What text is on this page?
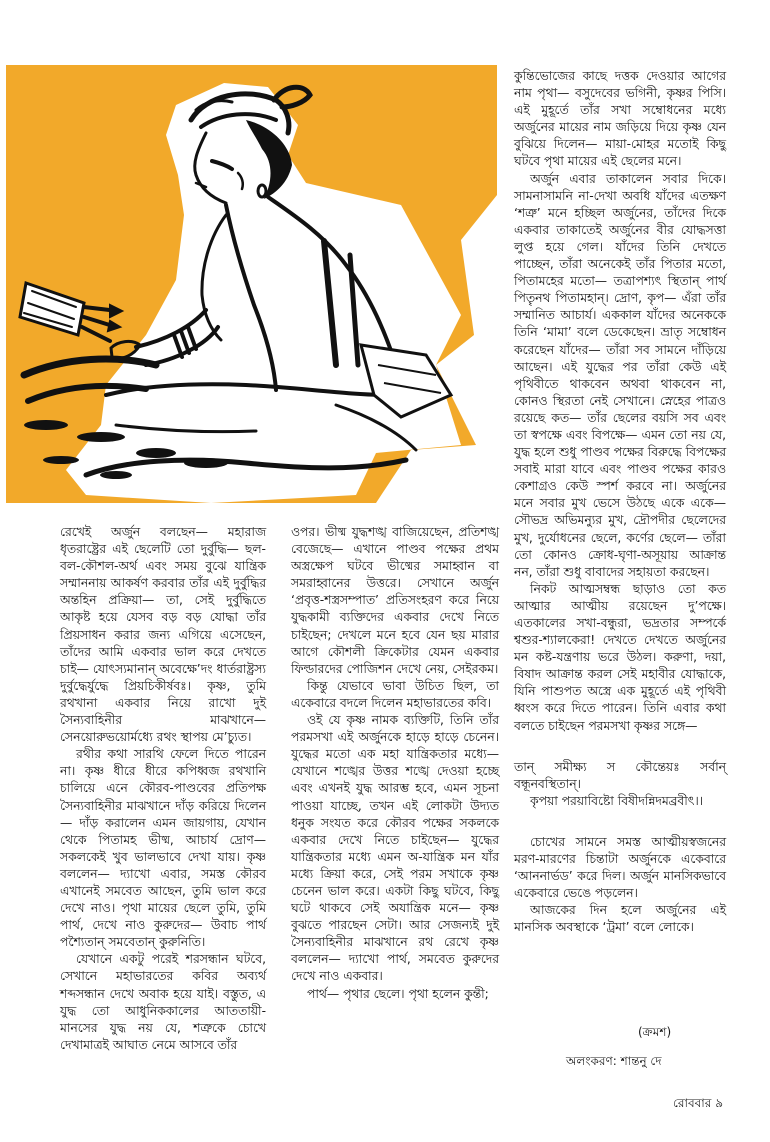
রেখেই অর্জুন বলছেন— মহারাজ ধৃতরাষ্ট্রের এই ছেলেটি তো দুর্বুদ্ধি— ছল-বল-কৌশল-অর্থ এবং সময় বুঝে যান্ত্রিক সম্মাননায় আকর্ষণ করবার তাঁর এই দুর্বুদ্ধির অন্তহিন প্রক্রিয়া— তা, সেই দুর্বুদ্ধিতে আকৃষ্ট হয়ে যেসব বড় বড় যোদ্ধা তাঁর প্রিয়সাধন করার জন্য এগিয়ে এসেছেন, তাঁদের আমি একবার ভাল করে দেখতে চাই— যোৎস্যমানান্‌ অবেক্ষে’দং ধার্তরাষ্ট্রস্য দুর্বুদ্ধের্যুদ্ধে প্রিয়চিকীর্ষবঃ। কৃষ্ণ, তুমি রথখানা একবার নিয়ে রাখো দুই সৈন্যবাহিনীর মাঝখানে— সেনয়োরুভয়োর্মধ্যে রথং স্থাপয় মে’চ্যুত।

রথীর কথা সারথি ফেলে দিতে পারেন না। কৃষ্ণ ধীরে ধীরে কপিধ্বজ রথখানি চালিয়ে এনে কৌরব-পাণ্ডবের প্রতিপক্ষ সৈন্যবাহিনীর মাঝখানে দাঁড় করিয়ে দিলেন— দাঁড় করালেন এমন জায়গায়, যেখান থেকে পিতামহ ভীষ্ম, আচার্য দ্রোণ— সকলকেই খুব ভালভাবে দেখা যায়। কৃষ্ণ বললেন— দ্যাখো এবার, সমস্ত কৌরব এখানেই সমবেত আছেন, তুমি ভাল করে দেখে নাও। পৃথা মায়ের ছেলে তুমি, তুমি পার্থ, দেখে নাও কুরুদের— উবাচ পার্থ পশ্যৈতান্‌ সমবেতান্‌ কুরুনিতি।

যেখানে একটু পরেই শরসন্ধান ঘটবে, সেখানে মহাভারতের কবির অব্যর্থ শব্দসন্ধান দেখে অবাক হয়ে যাই। বস্তুত, এ যুদ্ধ তো আধুনিককালের আততায়ী-মানসের যুদ্ধ নয় যে, শত্রুকে চোখে দেখামাত্রই আঘাত নেমে আসবে তাঁর

ওপর। ভীষ্ম যুদ্ধশঙ্খ বাজিয়েছেন, প্রতিশঙ্খ বেজেছে— এখানে পাণ্ডব পক্ষের প্রথম অস্ত্রক্ষেপ ঘটবে ভীষ্মের সমাহ্বান বা সমরাহ্বানের উত্তরে। সেখানে অর্জুন ‘প্রবৃত্ত-শস্ত্রসম্পাত’ প্রতিসংহরণ করে নিয়ে যুদ্ধকামী ব্যক্তিদের একবার দেখে নিতে চাইছেন; দেখলে মনে হবে যেন ছয় মারার আগে কৌশলী ক্রিকেটার যেমন একবার ফিল্ডারদের পোজিশন দেখে নেয়, সেইরকম।

কিন্তু যেভাবে ভাবা উচিত ছিল, তা একেবারে বদলে দিলেন মহাভারতের কবি।

ওই যে কৃষ্ণ নামক ব্যক্তিটি, তিনি তাঁর পরমসখা এই অর্জুনকে হাড়ে হাড়ে চেনেন। যুদ্ধের মতো এক মহা যান্ত্রিকতার মধ্যে— যেখানে শঙ্খের উত্তর শঙ্খে দেওয়া হচ্ছে এবং এখনই যুদ্ধ আরম্ভ হবে, এমন সূচনা পাওয়া যাচ্ছে, তখন এই লোকটা উদ্যত ধনুক সংযত করে কৌরব পক্ষের সকলকে একবার দেখে নিতে চাইছেন— যুদ্ধের যান্ত্রিকতার মধ্যে এমন অ-যান্ত্রিক মন যাঁর মধ্যে ক্রিয়া করে, সেই পরম সখাকে কৃষ্ণ চেনেন ভাল করে। একটা কিছু ঘটবে, কিছু ঘটে থাকবে সেই অযান্ত্রিক মনে— কৃষ্ণ বুঝতে পারছেন সেটা। আর সেজন্যই দুই সৈন্যবাহিনীর মাঝখানে রথ রেখে কৃষ্ণ বললেন— দ্যাখো পার্থ, সমবেত কুরুদের দেখে নাও একবার।

পার্থ— পৃথার ছেলে। পৃথা হলেন কুন্তী;

কুন্তিভোজের কাছে দত্তক দেওয়ার আগের নাম পৃথা— বসুদেবের ভগিনী, কৃষ্ণর পিসি। এই মুহূর্তে তাঁর সখা সম্বোধনের মধ্যে অর্জুনের মায়ের নাম জড়িয়ে দিয়ে কৃষ্ণ যেন বুঝিয়ে দিলেন— মায়া-মোহর মতোই কিছু ঘটবে পৃথা মায়ের এই ছেলের মনে।

অর্জুন এবার তাকালেন সবার দিকে। সামনাসামনি না-দেখা অবধি যাঁদের এতক্ষণ ‘শত্রু’ মনে হচ্ছিল অর্জুনের, তাঁদের দিকে একবার তাকাতেই অর্জুনের বীর যোদ্ধসত্তা লুপ্ত হয়ে গেল। যাঁদের তিনি দেখতে পাচ্ছেন, তাঁরা অনেকেই তাঁর পিতার মতো, পিতামহের মতো— তত্রাপশ্যৎ স্থিতান্‌ পার্থ পিতৄনথ পিতামহান্‌। দ্রোণ, কৃপ— এঁরা তাঁর সম্মানিত আচার্য। এককাল যাঁদের অনেককে তিনি ‘মামা’ বলে ডেকেছেন। ভ্রাতৃ সম্বোধন করেছেন যাঁদের— তাঁরা সব সামনে দাঁড়িয়ে আছেন। এই যুদ্ধের পর তাঁরা কেউ এই পৃথিবীতে থাকবেন অথবা থাকবেন না, কোনও স্থিরতা নেই সেখানে। স্নেহের পাত্রও রয়েছে কত— তাঁর ছেলের বয়সি সব এবং তা স্বপক্ষে এবং বিপক্ষে— এমন তো নয় যে, যুদ্ধ হলে শুধু পাণ্ডব পক্ষের বিরুদ্ধে বিপক্ষের সবাই মারা যাবে এবং পাণ্ডব পক্ষের কারও কেশাগ্রও কেউ স্পর্শ করবে না। অর্জুনের মনে সবার মুখ ভেসে উঠছে একে একে— সৌভদ্র অভিমন্যুর মুখ, দ্রৌপদীর ছেলেদের মুখ, দুর্যোধনের ছেলে, কর্ণের ছেলে— তাঁরা তো কোনও ক্রোধ-ঘৃণা-অসূয়ায় আক্রান্ত নন, তাঁরা শুধু বাবাদের সহায়তা করছেন।

নিকট আত্মসম্বন্ধ ছাড়াও তো কত আত্মার আত্মীয় রয়েছেন দু’পক্ষে। এতকালের সখা-বন্ধুরা, ভদ্রতার সম্পর্কে শ্বশুর-শ্যালকেরা! দেখতে দেখতে অর্জুনের মন কষ্ট-যন্ত্রণায় ভরে উঠল। করুণা, দয়া, বিষাদ আক্রান্ত করল সেই মহাবীর যোদ্ধাকে, যিনি পাশুপত অস্ত্রে এক মুহূর্তে এই পৃথিবী ধ্বংস করে দিতে পারেন। তিনি এবার কথা বলতে চাইছেন পরমসখা কৃষ্ণর সঙ্গে—

তান্‌ সমীক্ষ্য স কৌন্তেয়ঃ সর্বান্‌ বন্ধূনবস্থিতান্‌।

কৃপয়া পরয়াবিষ্টো বিষীদন্নিদমব্রবীৎ।।

চোখের সামনে সমস্ত আত্মীয়স্বজনের মরণ-মারণের চিন্তাটা অর্জুনকে একেবারে ‘আননার্ভড’ করে দিল। অর্জুন মানসিকভাবে একেবারে ভেঙে পড়লেন।

আজকের দিন হলে অর্জুনের এই মানসিক অবস্থাকে ‘ট্রমা’ বলে লোকে।

(ক্রমশ)
অলংকরণ: শান্তনু দে
রোববার ৯
